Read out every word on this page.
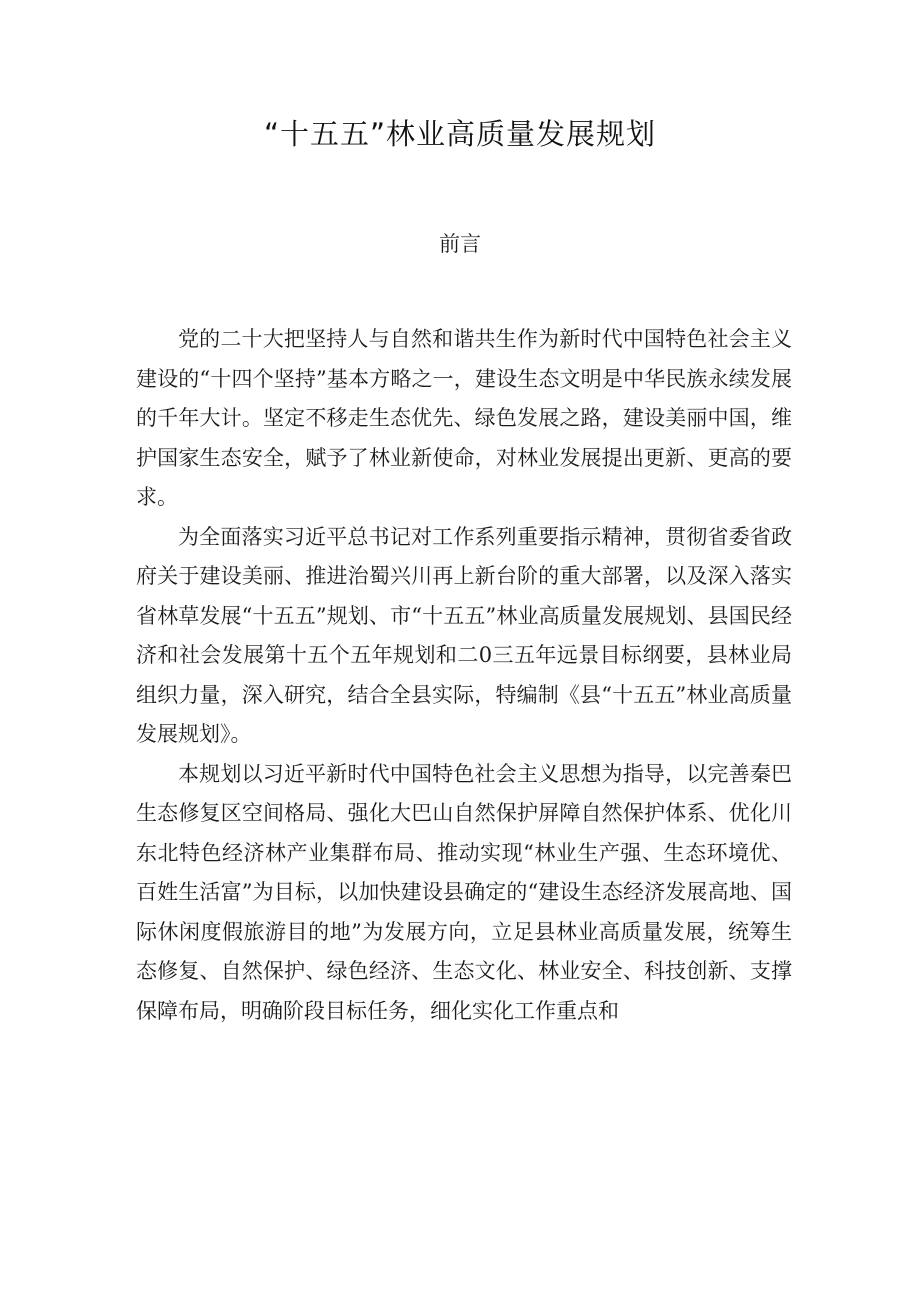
“十五五”林业高质量发展规划
前言

党的二十大把坚持人与自然和谐共生作为新时代中国特色社会主义建设的“十四个坚持”基本方略之一，建设生态文明是中华民族永续发展的千年大计。坚定不移走生态优先、绿色发展之路，建设美丽中国，维护国家生态安全，赋予了林业新使命，对林业发展提出更新、更高的要求。

为全面落实习近平总书记对工作系列重要指示精神，贯彻省委省政府关于建设美丽、推进治蜀兴川再上新台阶的重大部署，以及深入落实省林草发展“十五五”规划、市“十五五”林业高质量发展规划、县国民经济和社会发展第十五个五年规划和二0三五年远景目标纲要，县林业局组织力量，深入研究，结合全县实际，特编制《县“十五五”林业高质量发展规划》。

本规划以习近平新时代中国特色社会主义思想为指导，以完善秦巴生态修复区空间格局、强化大巴山自然保护屏障自然保护体系、优化川东北特色经济林产业集群布局、推动实现“林业生产强、生态环境优、百姓生活富”为目标，以加快建设县确定的“建设生态经济发展高地、国际休闲度假旅游目的地”为发展方向，立足县林业高质量发展，统筹生态修复、自然保护、绿色经济、生态文化、林业安全、科技创新、支撑保障布局，明确阶段目标任务，细化实化工作重点和
